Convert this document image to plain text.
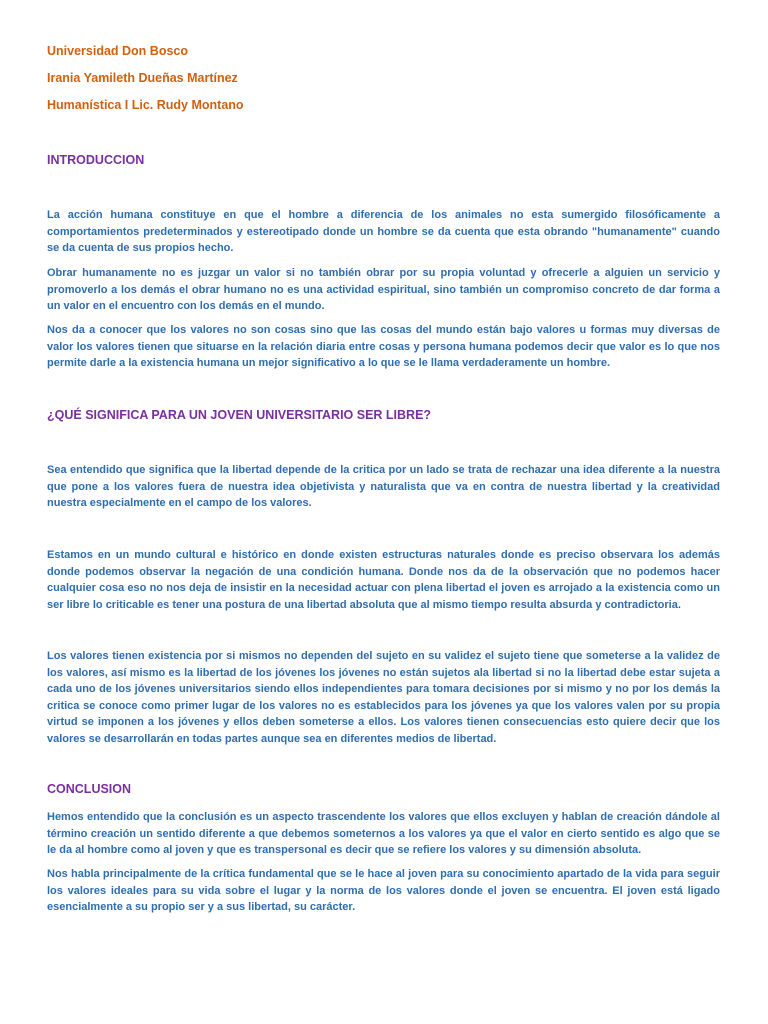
Universidad Don Bosco

Irania Yamileth Dueñas Martínez

Humanística I Lic. Rudy Montano

INTRODUCCION

La acción humana constituye en que el hombre a diferencia de los animales no esta sumergido filosóficamente a comportamientos predeterminados y estereotipado donde un hombre se da cuenta que esta obrando "humanamente" cuando se da cuenta de sus propios hecho.

Obrar humanamente no es juzgar un valor si no también obrar por su propia voluntad y ofrecerle a alguien un servicio y promoverlo a los demás el obrar humano no es una actividad espiritual, sino también un compromiso concreto de dar forma a un valor en el encuentro con los demás en el mundo.

Nos da a conocer que los valores no son cosas sino que las cosas del mundo están bajo valores u formas muy diversas de valor los valores tienen que situarse en la relación diaria entre cosas y persona humana podemos decir que valor es lo que nos permite darle a la existencia humana un mejor significativo a lo que se le llama verdaderamente un hombre.

¿QUÉ SIGNIFICA PARA UN JOVEN UNIVERSITARIO SER LIBRE?

Sea entendido que significa que la libertad depende de la critica por un lado se trata de rechazar una idea diferente a la nuestra que pone a los valores fuera de nuestra idea objetivista y naturalista que va en contra de nuestra libertad y la creatividad nuestra especialmente en el campo de los valores.

Estamos en un mundo cultural e histórico en donde existen estructuras naturales donde es preciso observara los además donde podemos observar la negación de una condición humana. Donde nos da de la observación que no podemos hacer cualquier cosa eso no nos deja de insistir en la necesidad actuar con plena libertad el joven es arrojado a la existencia como un ser libre lo criticable es tener una postura de una libertad absoluta que al mismo tiempo resulta absurda y contradictoria.

Los valores tienen existencia por si mismos no dependen del sujeto en su validez el sujeto tiene que someterse a la validez de los valores, así mismo es la libertad de los jóvenes los jóvenes no están sujetos ala libertad si no la libertad debe estar sujeta a cada uno de los jóvenes universitarios siendo ellos independientes para tomara decisiones por si mismo y no por los demás la critica se conoce como primer lugar de los valores no es establecidos para los jóvenes ya que los valores valen por su propia virtud se imponen a los jóvenes y ellos deben someterse a ellos. Los valores tienen consecuencias esto quiere decir que los valores se desarrollarán en todas partes aunque sea en diferentes medios de libertad.

CONCLUSION

Hemos entendido que la conclusión es un aspecto trascendente los valores que ellos excluyen y hablan de creación dándole al término creación un sentido diferente a que debemos someternos a los valores ya que el valor en cierto sentido es algo que se le da al hombre como al joven y que es transpersonal es decir que se refiere los valores y su dimensión absoluta.

Nos habla principalmente de la crítica fundamental que se le hace al joven para su conocimiento apartado de la vida para seguir los valores ideales para su vida sobre el lugar y la norma de los valores donde el joven se encuentra. El joven está ligado esencialmente a su propio ser y a sus libertad, su carácter.
